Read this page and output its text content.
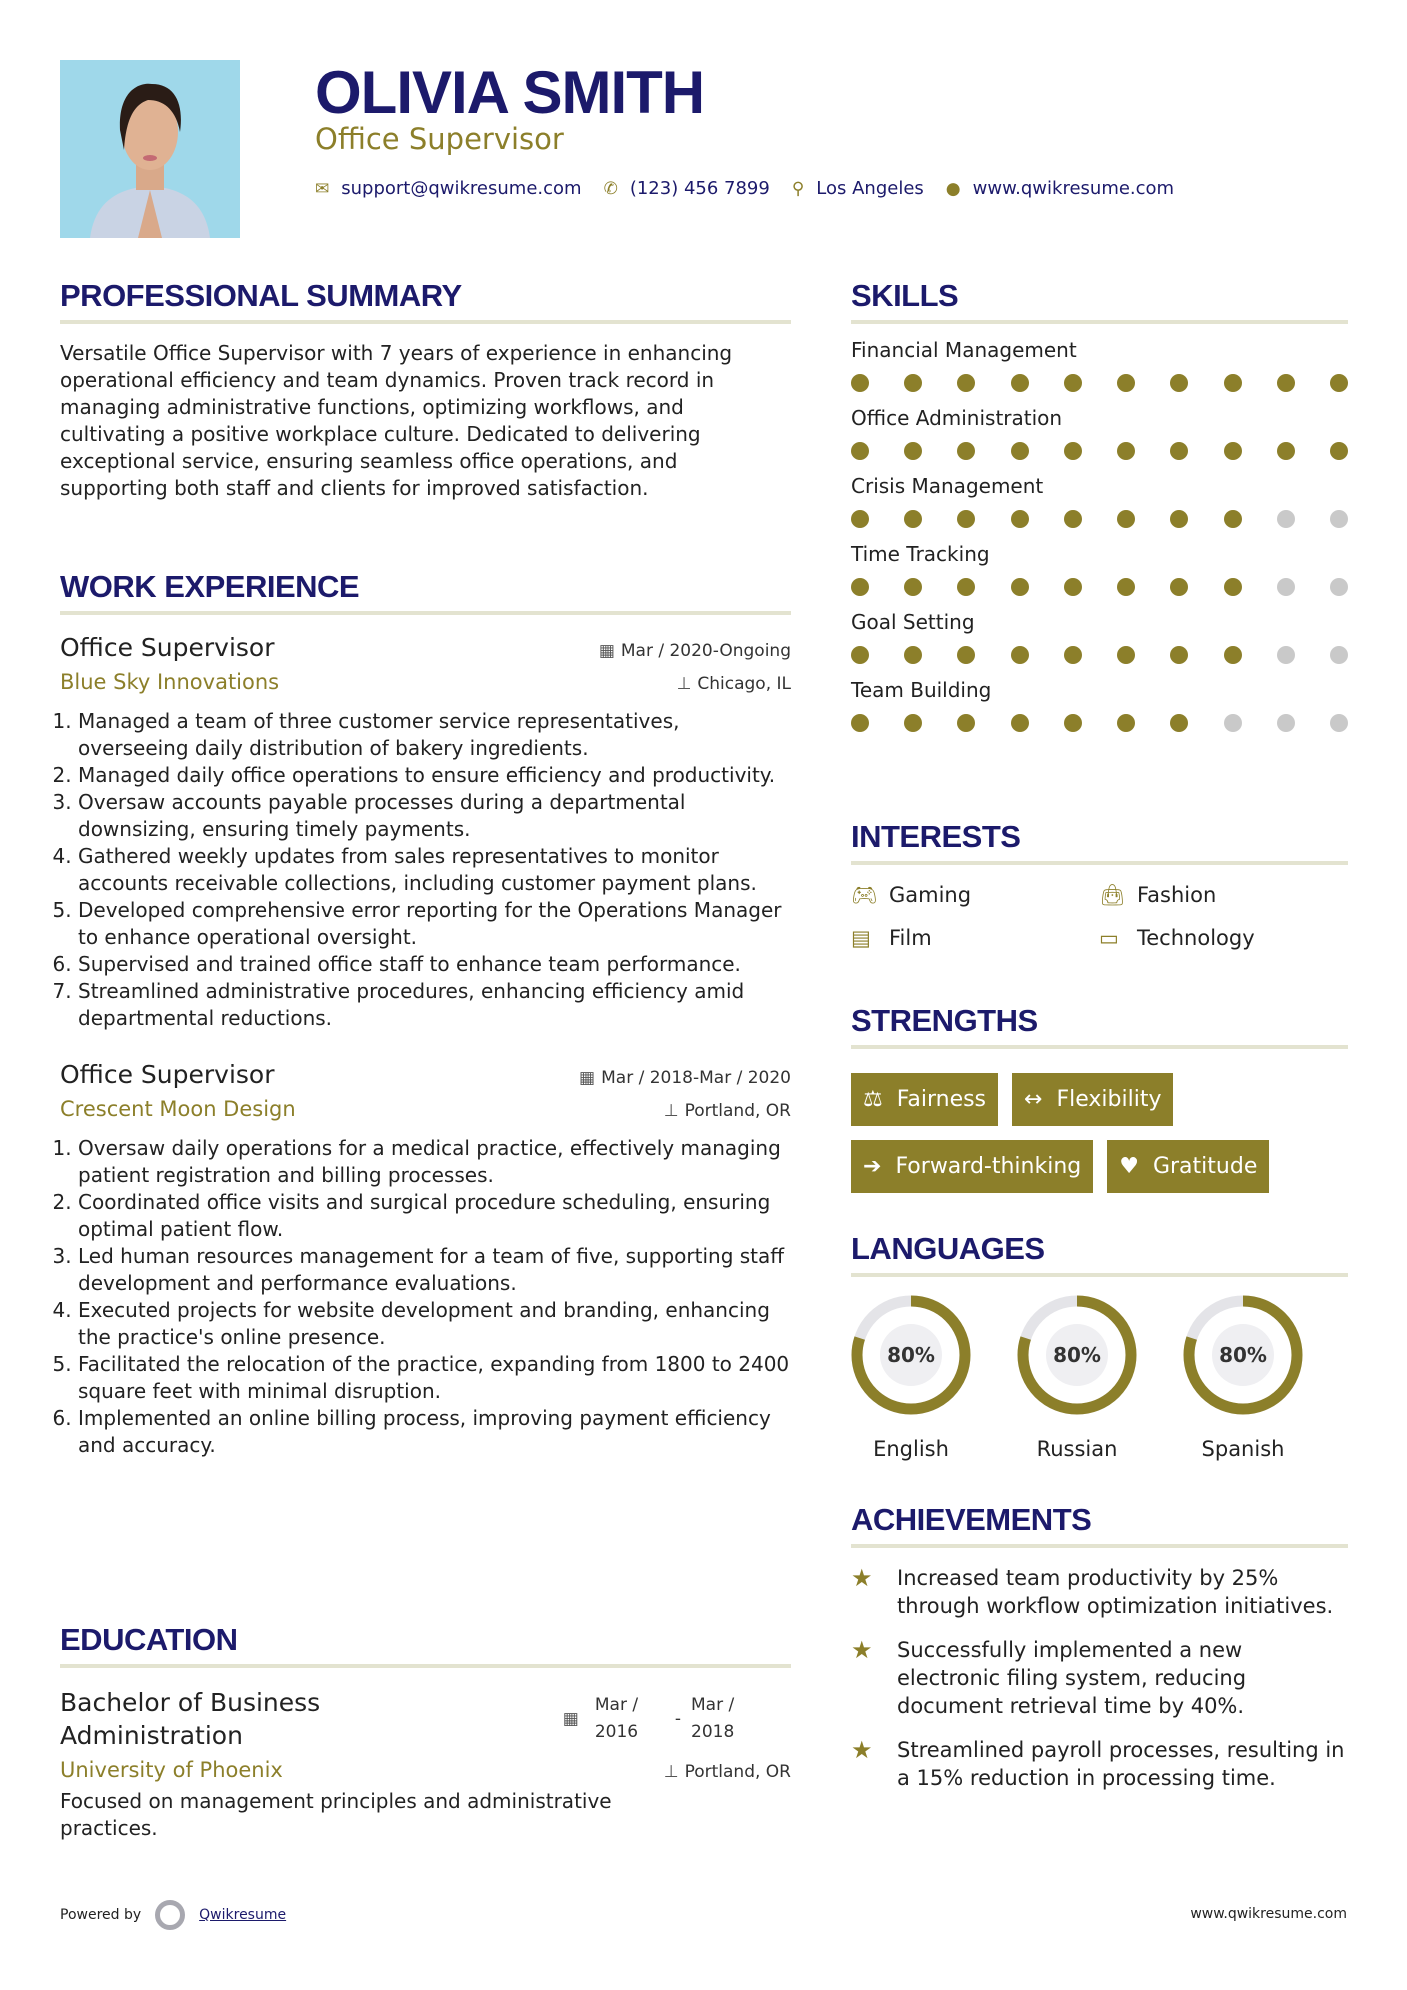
OLIVIA SMITH
Office Supervisor
✉ support@qwikresume.com ✆ (123) 456 7899 ⚲ Los Angeles ● www.qwikresume.com
PROFESSIONAL SUMMARY

Versatile Office Supervisor with 7 years of experience in enhancing operational efficiency and team dynamics. Proven track record in managing administrative functions, optimizing workflows, and cultivating a positive workplace culture. Dedicated to delivering exceptional service, ensuring seamless office operations, and supporting both staff and clients for improved satisfaction.

WORK EXPERIENCE
Office Supervisor	▦ Mar / 2020-Ongoing
Blue Sky Innovations	⊥ Chicago, IL
1. Managed a team of three customer service representatives, overseeing daily distribution of bakery ingredients.
2. Managed daily office operations to ensure efficiency and productivity.
3. Oversaw accounts payable processes during a departmental downsizing, ensuring timely payments.
4. Gathered weekly updates from sales representatives to monitor accounts receivable collections, including customer payment plans.
5. Developed comprehensive error reporting for the Operations Manager to enhance operational oversight.
6. Supervised and trained office staff to enhance team performance.
7. Streamlined administrative procedures, enhancing efficiency amid departmental reductions.
Office Supervisor	▦ Mar / 2018-Mar / 2020
Crescent Moon Design	⊥ Portland, OR
1. Oversaw daily operations for a medical practice, effectively managing patient registration and billing processes.
2. Coordinated office visits and surgical procedure scheduling, ensuring optimal patient flow.
3. Led human resources management for a team of five, supporting staff development and performance evaluations.
4. Executed projects for website development and branding, enhancing the practice's online presence.
5. Facilitated the relocation of the practice, expanding from 1800 to 2400 square feet with minimal disruption.
6. Implemented an online billing process, improving payment efficiency and accuracy.
EDUCATION
Bachelor of Business Administration
▦
Mar / 2016
-
Mar / 2018
University of Phoenix	⊥ Portland, OR

Focused on management principles and administrative practices.

SKILLS
Financial Management
Office Administration
Crisis Management
Time Tracking
Goal Setting
Team Building
INTERESTS
🎮︎ Gaming	👜︎ Fashion
▤ Film	▭ Technology
STRENGTHS
⚖ Fairness ↔ Flexibility
➔ Forward-thinking ♥ Gratitude
LANGUAGES
80%
English
80%
Russian
80%
Spanish
ACHIEVEMENTS
★	Increased team productivity by 25% through workflow optimization initiatives.
★	Successfully implemented a new electronic filing system, reducing document retrieval time by 40%.
★	Streamlined payroll processes, resulting in a 15% reduction in processing time.
Powered by	Qwikresume	www.qwikresume.com
